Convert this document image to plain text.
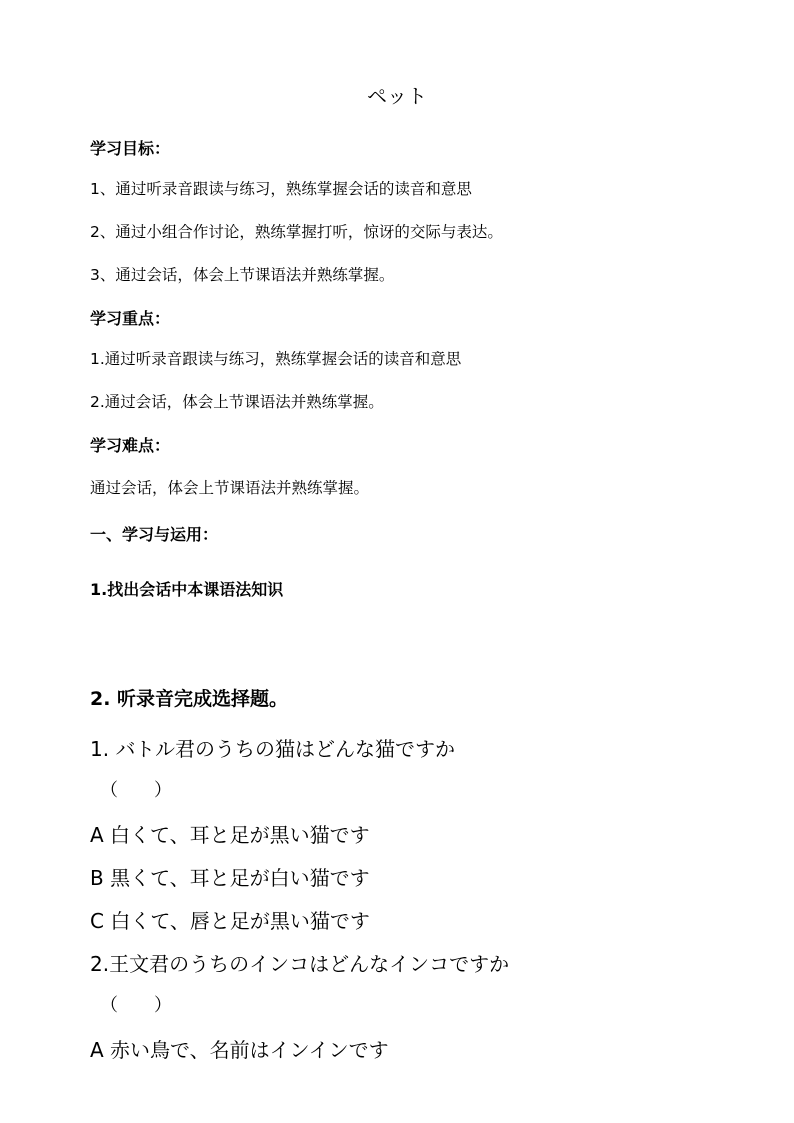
ペット
学习目标：
1、通过听录音跟读与练习，熟练掌握会话的读音和意思
2、通过小组合作讨论，熟练掌握打听，惊讶的交际与表达。
3、通过会话，体会上节课语法并熟练掌握。
学习重点：
1.通过听录音跟读与练习，熟练掌握会话的读音和意思
2.通过会话，体会上节课语法并熟练掌握。
学习难点：
通过会话，体会上节课语法并熟练掌握。
一、学习与运用：
1.找出会话中本课语法知识
2. 听录音完成选择题。
1. バトル君のうちの猫はどんな猫ですか
（　　）
A 白くて、耳と足が黒い猫です
B 黒くて、耳と足が白い猫です
C 白くて、唇と足が黒い猫です
2.王文君のうちのインコはどんなインコですか
（　　）
A 赤い鳥で、名前はインインです
